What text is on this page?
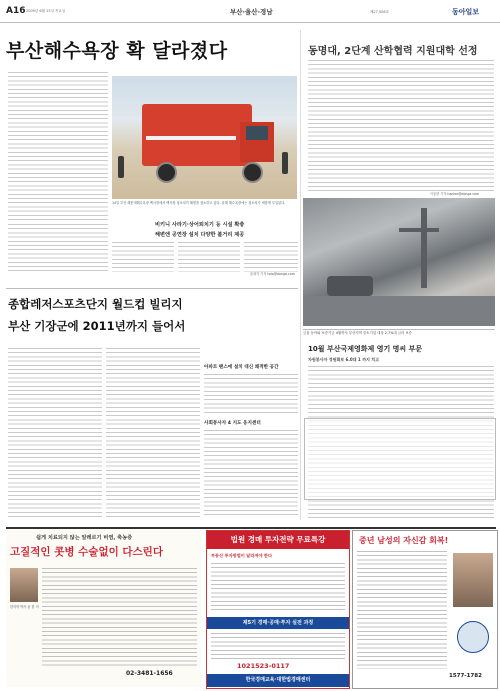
A16 2009년 6월 15일 목요일	부산·울산·경남	제27,008호	동아일보
부산해수욕장 확 달라졌다
14일 부산 해운대해수욕장 백사장에서 백사장 청소차가 해변을 청소하고 있다. 올해 해수욕장에는 청소차가 새롭게 투입된다.
비키니 사라기·상어퇴치기 등 시설 확충
해변엔 공연장 설치 다양한 볼거리 제공
윤희각 기자 toto@donga.com
동명대, 2단계 산학협력 지원대학 선정
이동한 기자 hanlee@donga.com
금융 동아와 보증기금 4월까지 부산지역 중소기업 대상 2.7%대 금리 보증
종합레저스포츠단지 월드컵 빌리지
부산 기장군에 2011년까지 들어서
아파트 팬스에 설치 대신 쾌적한 공간
사회봉사자 4 지도 웅지센터
10월 부산국제영화제 영기 명씨 부문
자원봉사자 정원확보 6.0대 1 까지 치고
쉽게 치료되지 않는 알레르기 비염, 축농증
고질적인 콧병 수술없이 다스린다
한의학 박사 윤 한 의
02-3481-1656
법원 경매 투자전략 무료특강
부동산 투자방법이 달라져야 한다
제5기 경매·공매·투자 실전 과정
1021523-0117
한국경매교육·대한법경매센터
중년 남성의 자신감 회복!
1577-1782
